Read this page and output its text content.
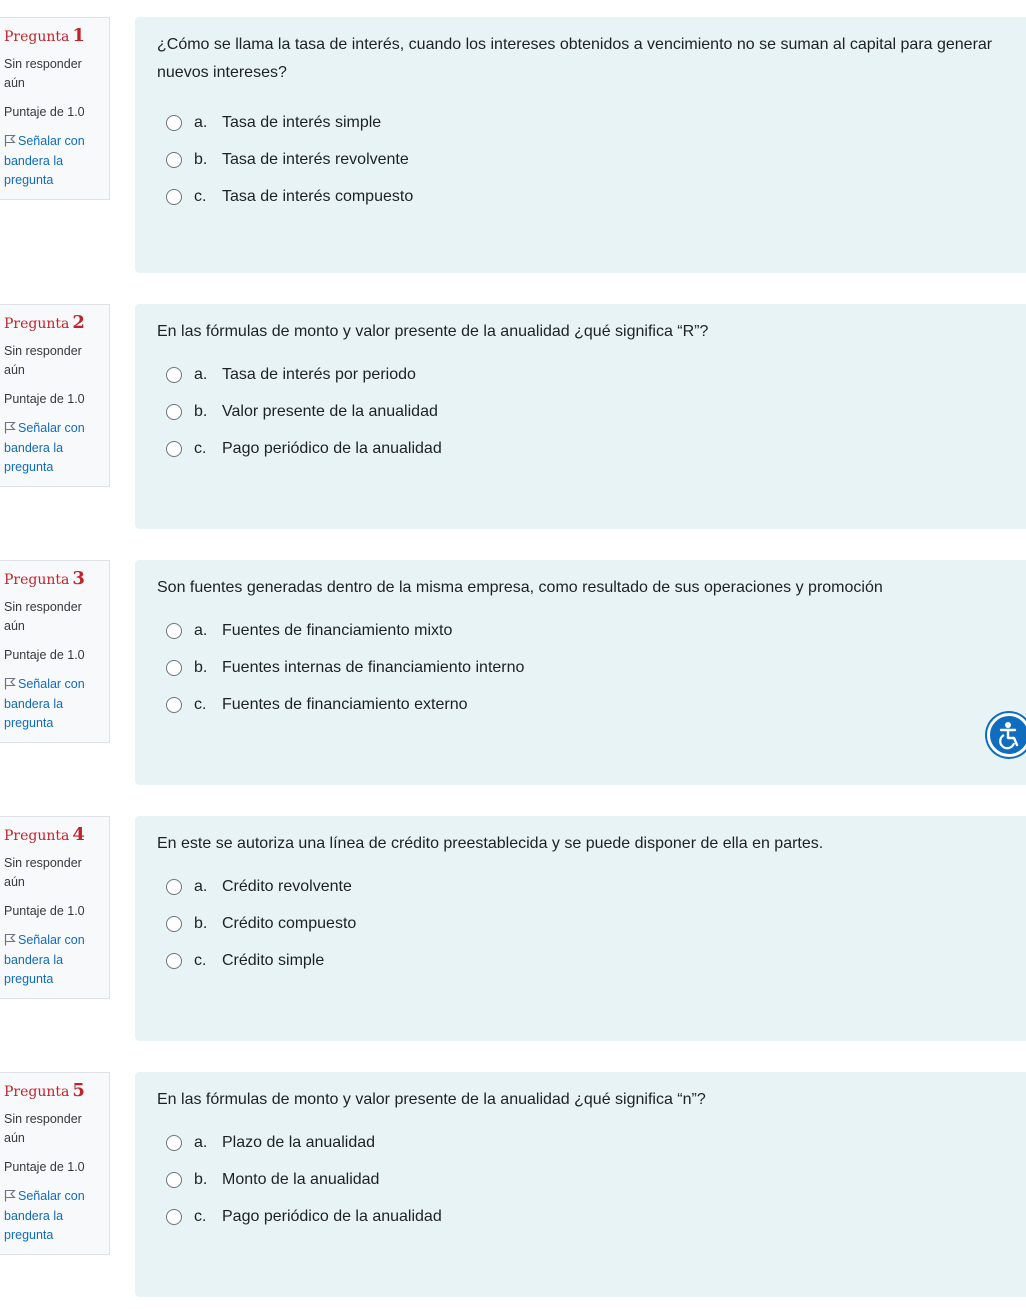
Pregunta 1
Sin responder aún
Puntaje de 1.0
Señalar con bandera la pregunta
¿Cómo se llama la tasa de interés, cuando los intereses obtenidos a vencimiento no se suman al capital para generar nuevos intereses?
a. Tasa de interés simple
b. Tasa de interés revolvente
c. Tasa de interés compuesto
Pregunta 2
Sin responder aún
Puntaje de 1.0
Señalar con bandera la pregunta
En las fórmulas de monto y valor presente de la anualidad ¿qué significa “R”?
a. Tasa de interés por periodo
b. Valor presente de la anualidad
c. Pago periódico de la anualidad
Pregunta 3
Sin responder aún
Puntaje de 1.0
Señalar con bandera la pregunta
Son fuentes generadas dentro de la misma empresa, como resultado de sus operaciones y promoción
a. Fuentes de financiamiento mixto
b. Fuentes internas de financiamiento interno
c. Fuentes de financiamiento externo
Pregunta 4
Sin responder aún
Puntaje de 1.0
Señalar con bandera la pregunta
En este se autoriza una línea de crédito preestablecida y se puede disponer de ella en partes.
a. Crédito revolvente
b. Crédito compuesto
c. Crédito simple
Pregunta 5
Sin responder aún
Puntaje de 1.0
Señalar con bandera la pregunta
En las fórmulas de monto y valor presente de la anualidad ¿qué significa “n”?
a. Plazo de la anualidad
b. Monto de la anualidad
c. Pago periódico de la anualidad
